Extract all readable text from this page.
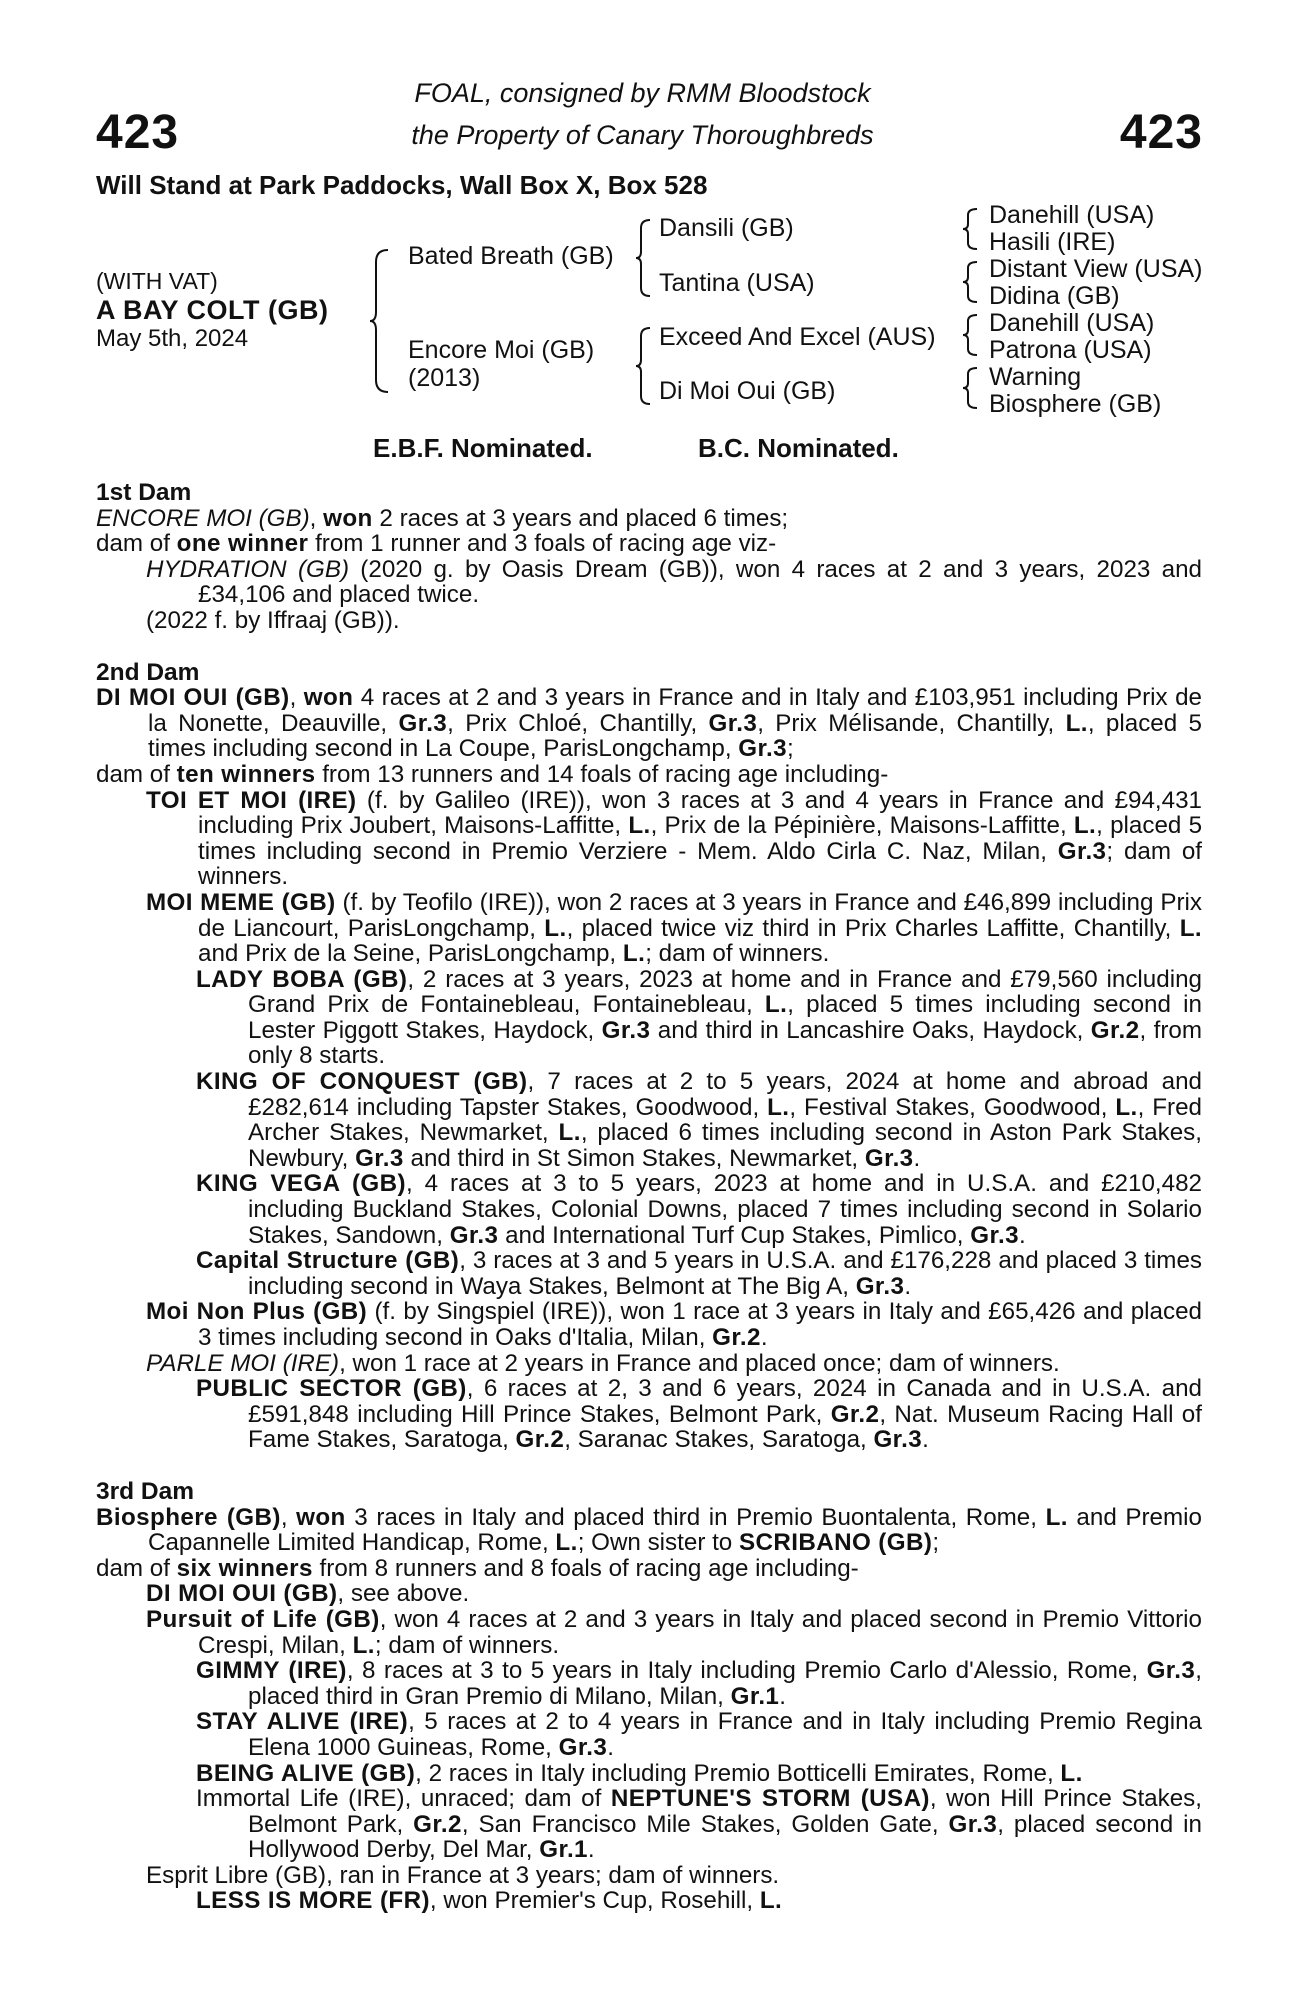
423
FOAL, consigned by RMM Bloodstock
the Property of Canary Thoroughbreds	423
Will Stand at Park Paddocks, Wall Box X, Box 528
(WITH VAT)
A BAY COLT (GB)
May 5th, 2024
Bated Breath (GB)
Encore Moi (GB)
(2013)
Dansili (GB)
Tantina (USA)
Exceed And Excel (AUS)
Di Moi Oui (GB)
Danehill (USA)
Hasili (IRE)
Distant View (USA)
Didina (GB)
Danehill (USA)
Patrona (USA)
Warning
Biosphere (GB)
E.B.F. Nominated.	B.C. Nominated.

1st Dam

ENCORE MOI (GB), won 2 races at 3 years and placed 6 times;

dam of one winner from 1 runner and 3 foals of racing age viz-

HYDRATION (GB) (2020 g. by Oasis Dream (GB)), won 4 races at 2 and 3 years, 2023 and £34,106 and placed twice.

(2022 f. by Iffraaj (GB)).

2nd Dam

DI MOI OUI (GB), won 4 races at 2 and 3 years in France and in Italy and £103,951 including Prix de la Nonette, Deauville, Gr.3, Prix Chloé, Chantilly, Gr.3, Prix Mélisande, Chantilly, L., placed 5 times including second in La Coupe, ParisLongchamp, Gr.3;

dam of ten winners from 13 runners and 14 foals of racing age including-

TOI ET MOI (IRE) (f. by Galileo (IRE)), won 3 races at 3 and 4 years in France and £94,431 including Prix Joubert, Maisons-Laffitte, L., Prix de la Pépinière, Maisons-Laffitte, L., placed 5 times including second in Premio Verziere - Mem. Aldo Cirla C. Naz, Milan, Gr.3; dam of winners.

MOI MEME (GB) (f. by Teofilo (IRE)), won 2 races at 3 years in France and £46,899 including Prix de Liancourt, ParisLongchamp, L., placed twice viz third in Prix Charles Laffitte, Chantilly, L. and Prix de la Seine, ParisLongchamp, L.; dam of winners.

LADY BOBA (GB), 2 races at 3 years, 2023 at home and in France and £79,560 including Grand Prix de Fontainebleau, Fontainebleau, L., placed 5 times including second in Lester Piggott Stakes, Haydock, Gr.3 and third in Lancashire Oaks, Haydock, Gr.2, from only 8 starts.

KING OF CONQUEST (GB), 7 races at 2 to 5 years, 2024 at home and abroad and £282,614 including Tapster Stakes, Goodwood, L., Festival Stakes, Goodwood, L., Fred Archer Stakes, Newmarket, L., placed 6 times including second in Aston Park Stakes, Newbury, Gr.3 and third in St Simon Stakes, Newmarket, Gr.3.

KING VEGA (GB), 4 races at 3 to 5 years, 2023 at home and in U.S.A. and £210,482 including Buckland Stakes, Colonial Downs, placed 7 times including second in Solario Stakes, Sandown, Gr.3 and International Turf Cup Stakes, Pimlico, Gr.3.

Capital Structure (GB), 3 races at 3 and 5 years in U.S.A. and £176,228 and placed 3 times including second in Waya Stakes, Belmont at The Big A, Gr.3.

Moi Non Plus (GB) (f. by Singspiel (IRE)), won 1 race at 3 years in Italy and £65,426 and placed 3 times including second in Oaks d'Italia, Milan, Gr.2.

PARLE MOI (IRE), won 1 race at 2 years in France and placed once; dam of winners.

PUBLIC SECTOR (GB), 6 races at 2, 3 and 6 years, 2024 in Canada and in U.S.A. and £591,848 including Hill Prince Stakes, Belmont Park, Gr.2, Nat. Museum Racing Hall of Fame Stakes, Saratoga, Gr.2, Saranac Stakes, Saratoga, Gr.3.

3rd Dam

Biosphere (GB), won 3 races in Italy and placed third in Premio Buontalenta, Rome, L. and Premio Capannelle Limited Handicap, Rome, L.; Own sister to SCRIBANO (GB);

dam of six winners from 8 runners and 8 foals of racing age including-

DI MOI OUI (GB), see above.

Pursuit of Life (GB), won 4 races at 2 and 3 years in Italy and placed second in Premio Vittorio Crespi, Milan, L.; dam of winners.

GIMMY (IRE), 8 races at 3 to 5 years in Italy including Premio Carlo d'Alessio, Rome, Gr.3, placed third in Gran Premio di Milano, Milan, Gr.1.

STAY ALIVE (IRE), 5 races at 2 to 4 years in France and in Italy including Premio Regina Elena 1000 Guineas, Rome, Gr.3.

BEING ALIVE (GB), 2 races in Italy including Premio Botticelli Emirates, Rome, L.

Immortal Life (IRE), unraced; dam of NEPTUNE'S STORM (USA), won Hill Prince Stakes, Belmont Park, Gr.2, San Francisco Mile Stakes, Golden Gate, Gr.3, placed second in Hollywood Derby, Del Mar, Gr.1.

Esprit Libre (GB), ran in France at 3 years; dam of winners.

LESS IS MORE (FR), won Premier's Cup, Rosehill, L.
